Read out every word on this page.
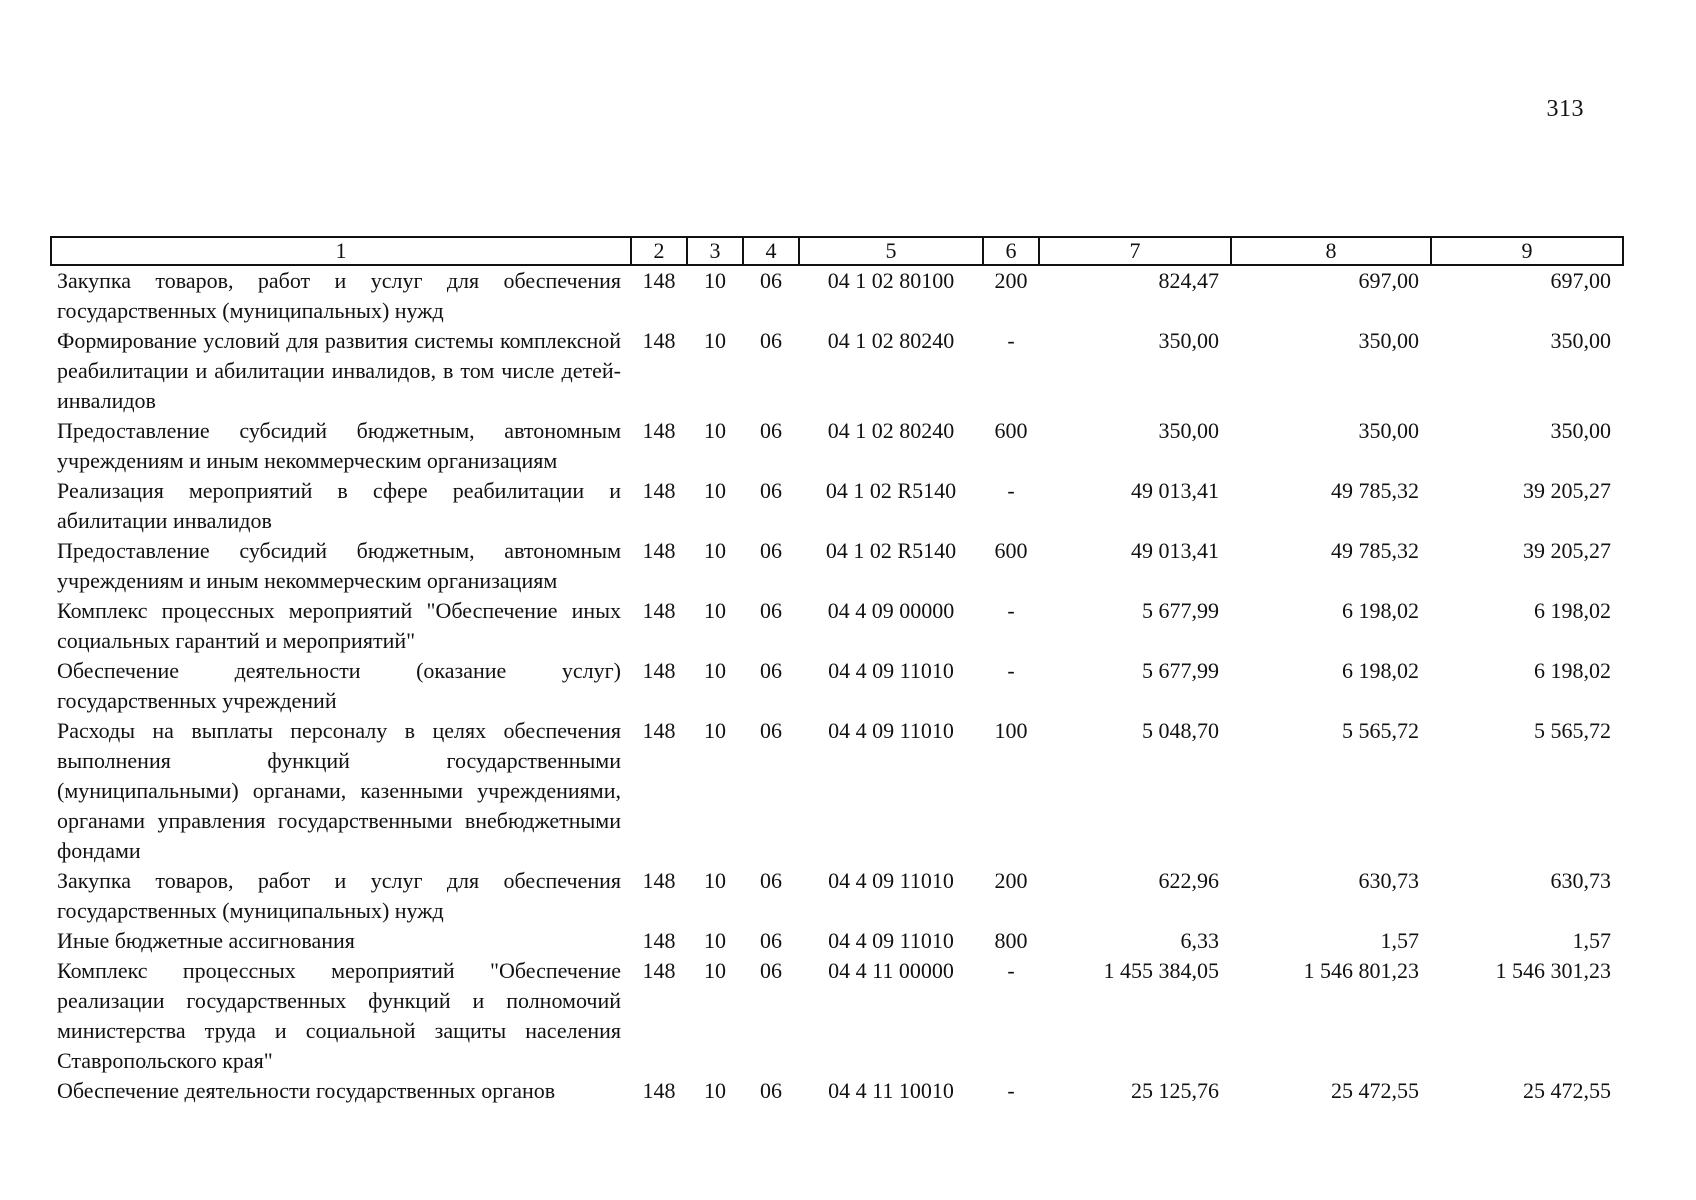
313
1	2	3	4	5	6	7	8	9
Закупка товаров, работ и услуг для обеспечения государственных (муниципальных) нужд	148	10	06	04 1 02 80100	200	824,47	697,00	697,00
Формирование условий для развития системы комплексной реабилитации и абилитации инвалидов, в том числе детей-инвалидов	148	10	06	04 1 02 80240	-	350,00	350,00	350,00
Предоставление субсидий бюджетным, автономным учреждениям и иным некоммерческим организациям	148	10	06	04 1 02 80240	600	350,00	350,00	350,00
Реализация мероприятий в сфере реабилитации и абилитации инвалидов	148	10	06	04 1 02 R5140	-	49 013,41	49 785,32	39 205,27
Предоставление субсидий бюджетным, автономным учреждениям и иным некоммерческим организациям	148	10	06	04 1 02 R5140	600	49 013,41	49 785,32	39 205,27
Комплекс процессных мероприятий "Обеспечение иных социальных гарантий и мероприятий"	148	10	06	04 4 09 00000	-	5 677,99	6 198,02	6 198,02
Обеспечение деятельности (оказание услуг) государственных учреждений	148	10	06	04 4 09 11010	-	5 677,99	6 198,02	6 198,02
Расходы на выплаты персоналу в целях обеспечения выполнения функций государственными (муниципальными) органами, казенными учреждениями, органами управления государственными внебюджетными фондами	148	10	06	04 4 09 11010	100	5 048,70	5 565,72	5 565,72
Закупка товаров, работ и услуг для обеспечения государственных (муниципальных) нужд	148	10	06	04 4 09 11010	200	622,96	630,73	630,73
Иные бюджетные ассигнования	148	10	06	04 4 09 11010	800	6,33	1,57	1,57
Комплекс процессных мероприятий "Обеспечение реализации государственных функций и полномочий министерства труда и социальной защиты населения Ставропольского края"	148	10	06	04 4 11 00000	-	1 455 384,05	1 546 801,23	1 546 301,23
Обеспечение деятельности государственных органов	148	10	06	04 4 11 10010	-	25 125,76	25 472,55	25 472,55
